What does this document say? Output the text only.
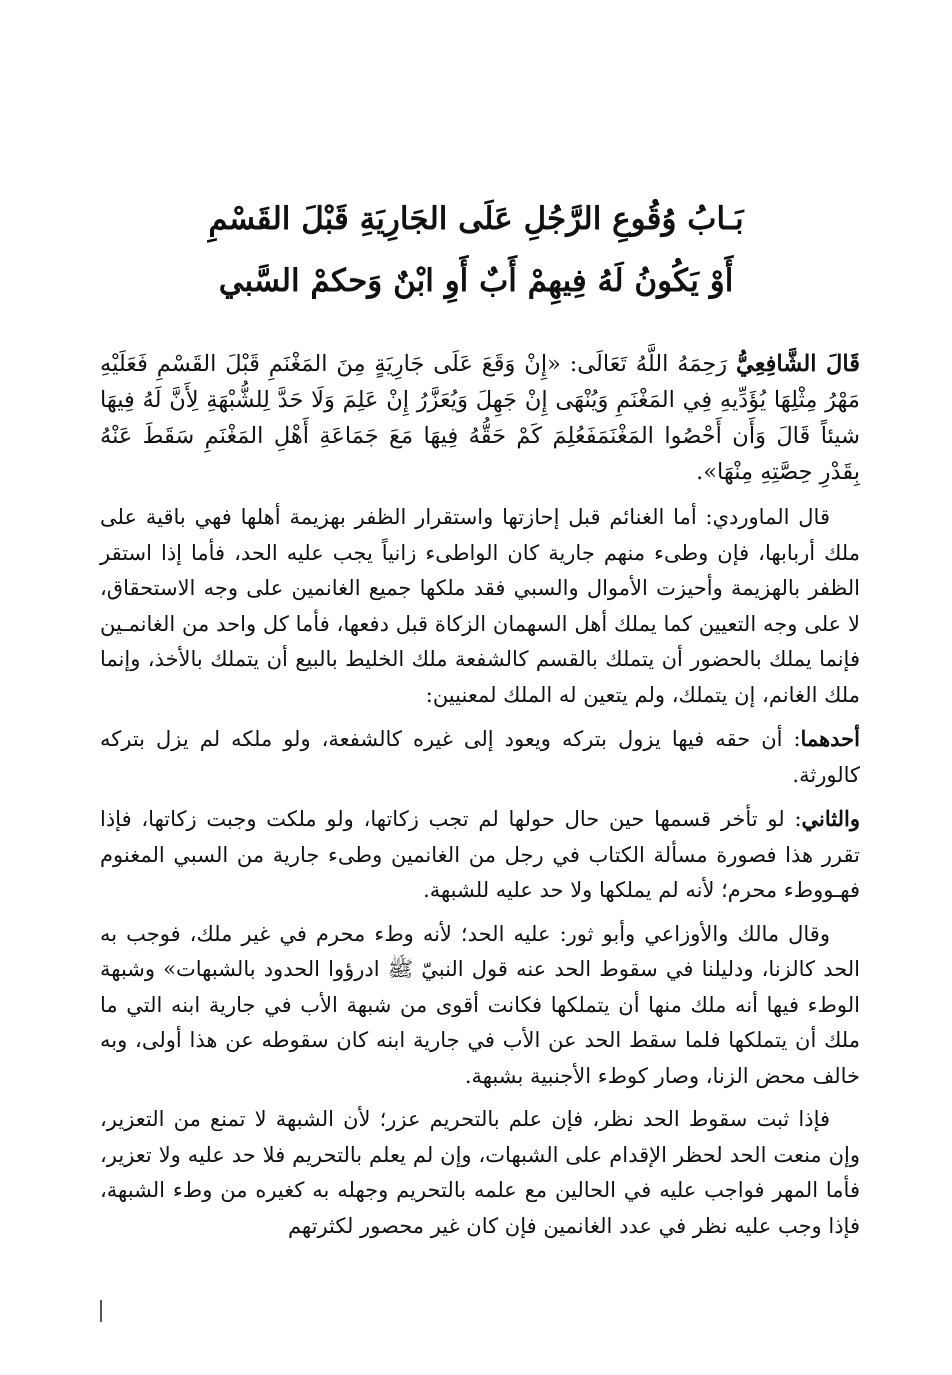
بَـابُ وُقُوعِ الرَّجُلِ عَلَى الجَارِيَةِ قَبْلَ القَسْمِ
أَوْ يَكُونُ لَهُ فِيهِمْ أَبٌ أَوِ ابْنٌ وَحكمْ السَّبي

قَالَ الشَّافِعِيُّ رَحِمَهُ اللَّهُ تَعَالَى: «إِنْ وَقَعَ عَلَى جَارِيَةٍ مِنَ المَغْنَمِ قَبْلَ القَسْمِ فَعَلَيْهِ مَهْرُ مِثْلِهَا يُؤَدِّيهِ فِي المَغْنَمِ وَيُنْهَى إِنْ جَهِلَ وَيُعَزَّرُ إِنْ عَلِمَ وَلَا حَدَّ لِلشُّبْهَةِ لِأَنَّ لَهُ فِيهَا شيئاً قَالَ وَأَن أَحْصُوا المَغْنَمَفَعُلِمَ كَمْ حَقُّهُ فِيهَا مَعَ جَمَاعَةِ أَهْلِ المَغْنَمِ سَقَطَ عَنْهُ بِقَدْرِ حِصَّتِهِ مِنْهَا».

قال الماوردي: أما الغنائم قبل إحازتها واستقرار الظفر بهزيمة أهلها فهي باقية على ملك أربابها، فإن وطىء منهم جارية كان الواطىء زانياً يجب عليه الحد، فأما إذا استقر الظفر بالهزيمة وأحيزت الأموال والسبي فقد ملكها جميع الغانمين على وجه الاستحقاق، لا على وجه التعيين كما يملك أهل السهمان الزكاة قبل دفعها، فأما كل واحد من الغانمـين فإنما يملك بالحضور أن يتملك بالقسم كالشفعة ملك الخليط بالبيع أن يتملك بالأخذ، وإنما ملك الغانم، إن يتملك، ولم يتعين له الملك لمعنيين:

أحدهما: أن حقه فيها يزول بتركه ويعود إلى غيره كالشفعة، ولو ملكه لم يزل بتركه كالورثة.

والثاني: لو تأخر قسمها حين حال حولها لم تجب زكاتها، ولو ملكت وجبت زكاتها، فإذا تقرر هذا فصورة مسألة الكتاب في رجل من الغانمين وطىء جارية من السبي المغنوم فهـووطء محرم؛ لأنه لم يملكها ولا حد عليه للشبهة.

وقال مالك والأوزاعي وأبو ثور: عليه الحد؛ لأنه وطء محرم في غير ملك، فوجب به الحد كالزنا، ودليلنا في سقوط الحد عنه قول النبيّ ﷺ ادرؤوا الحدود بالشبهات» وشبهة الوطء فيها أنه ملك منها أن يتملكها فكانت أقوى من شبهة الأب في جارية ابنه التي ما ملك أن يتملكها فلما سقط الحد عن الأب في جارية ابنه كان سقوطه عن هذا أولى، وبه خالف محض الزنا، وصار كوطء الأجنبية بشبهة.

فإذا ثبت سقوط الحد نظر، فإن علم بالتحريم عزر؛ لأن الشبهة لا تمنع من التعزير، وإن منعت الحد لحظر الإقدام على الشبهات، وإن لم يعلم بالتحريم فلا حد عليه ولا تعزير، فأما المهر فواجب عليه في الحالين مع علمه بالتحريم وجهله به كغيره من وطء الشبهة، فإذا وجب عليه نظر في عدد الغانمين فإن كان غير محصور لكثرتهم
